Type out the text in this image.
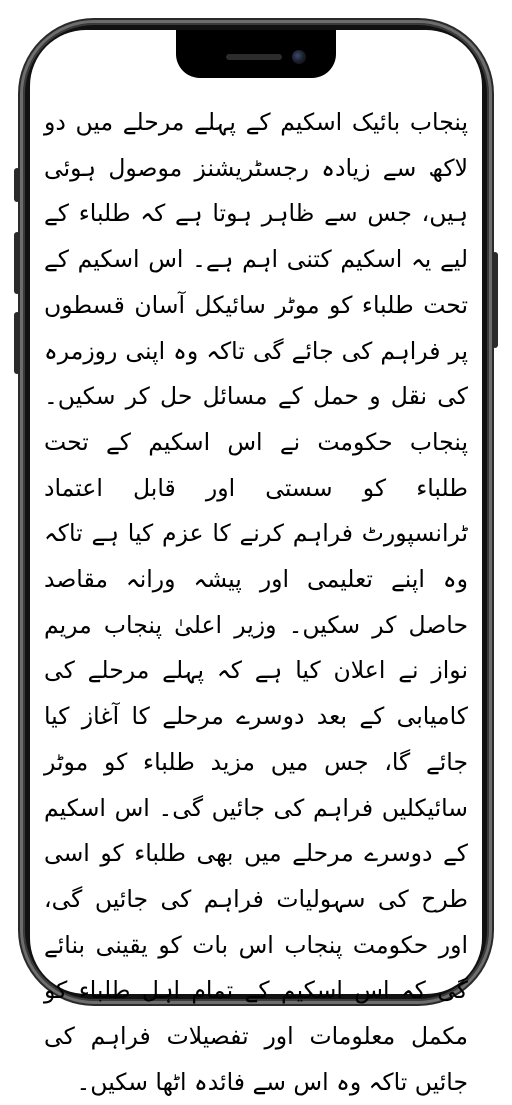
پنجاب بائیک اسکیم کے پہلے مرحلے میں دو لاکھ سے زیادہ رجسٹریشنز موصول ہوئی ہیں، جس سے ظاہر ہوتا ہے کہ طلباء کے لیے یہ اسکیم کتنی اہم ہے۔ اس اسکیم کے تحت طلباء کو موٹر سائیکل آسان قسطوں پر فراہم کی جائے گی تاکہ وہ اپنی روزمرہ کی نقل و حمل کے مسائل حل کر سکیں۔ پنجاب حکومت نے اس اسکیم کے تحت طلباء کو سستی اور قابل اعتماد ٹرانسپورٹ فراہم کرنے کا عزم کیا ہے تاکہ وہ اپنے تعلیمی اور پیشہ ورانہ مقاصد حاصل کر سکیں۔ وزیر اعلیٰ پنجاب مریم نواز نے اعلان کیا ہے کہ پہلے مرحلے کی کامیابی کے بعد دوسرے مرحلے کا آغاز کیا جائے گا، جس میں مزید طلباء کو موٹر سائیکلیں فراہم کی جائیں گی۔ اس اسکیم کے دوسرے مرحلے میں بھی طلباء کو اسی طرح کی سہولیات فراہم کی جائیں گی، اور حکومت پنجاب اس بات کو یقینی بنائے گی کہ اس اسکیم کے تمام اہل طلباء کو مکمل معلومات اور تفصیلات فراہم کی جائیں تاکہ وہ اس سے فائدہ اٹھا سکیں۔
